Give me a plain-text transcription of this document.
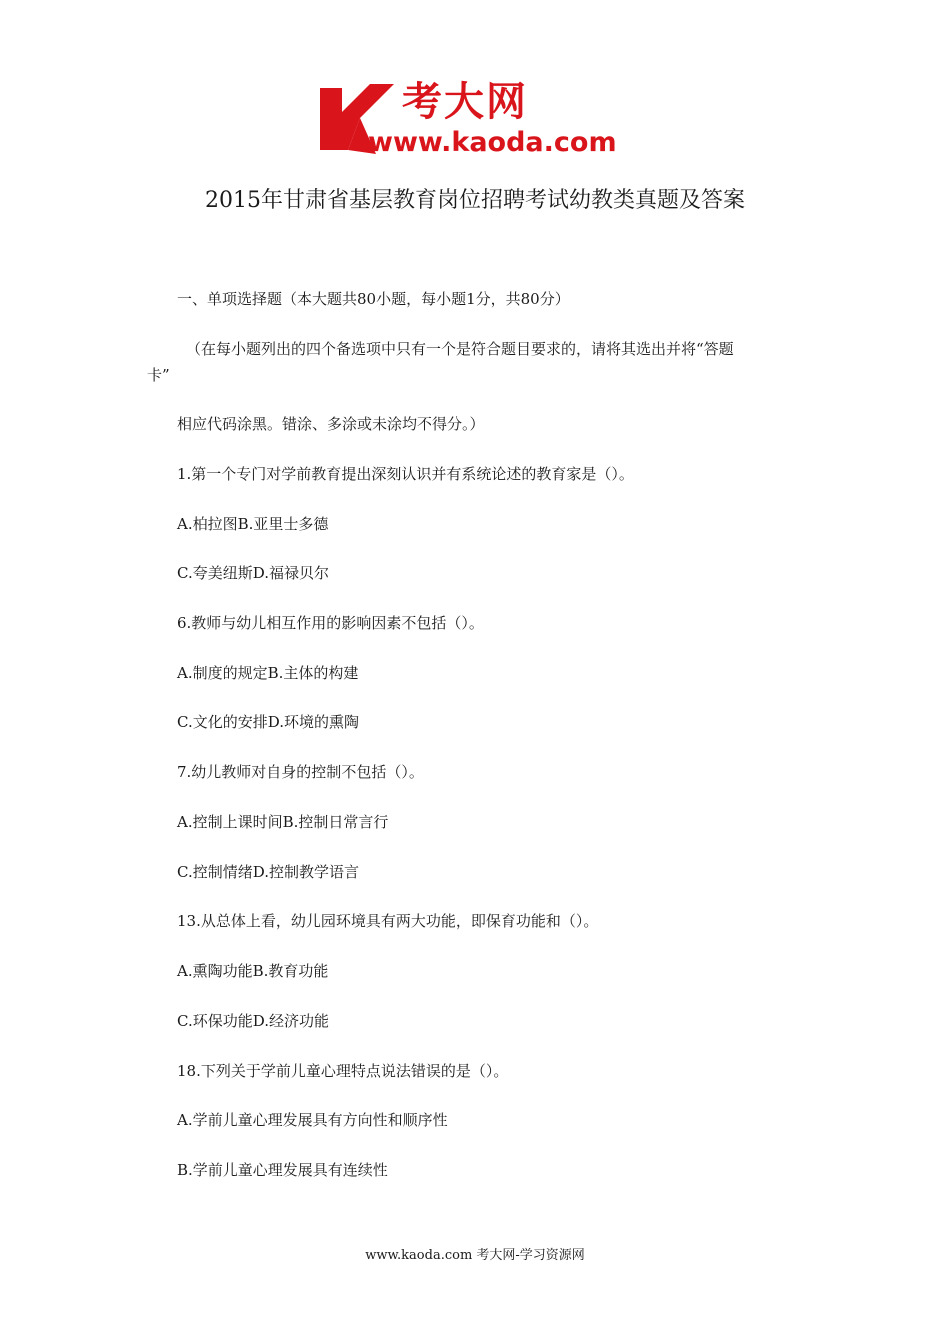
考大网
www.kaoda.com
2015年甘肃省基层教育岗位招聘考试幼教类真题及答案
一、单项选择题（本大题共80小题，每小题1分，共80分）
（在每小题列出的四个备选项中只有一个是符合题目要求的，请将其选出并将“答题
卡”
相应代码涂黑。错涂、多涂或未涂均不得分。）
1.第一个专门对学前教育提出深刻认识并有系统论述的教育家是（）。
A.柏拉图B.亚里士多德
C.夸美纽斯D.福禄贝尔
6.教师与幼儿相互作用的影响因素不包括（）。
A.制度的规定B.主体的构建
C.文化的安排D.环境的熏陶
7.幼儿教师对自身的控制不包括（）。
A.控制上课时间B.控制日常言行
C.控制情绪D.控制教学语言
13.从总体上看，幼儿园环境具有两大功能，即保育功能和（）。
A.熏陶功能B.教育功能
C.环保功能D.经济功能
18.下列关于学前儿童心理特点说法错误的是（）。
A.学前儿童心理发展具有方向性和顺序性
B.学前儿童心理发展具有连续性
www.kaoda.com 考大网-学习资源网
